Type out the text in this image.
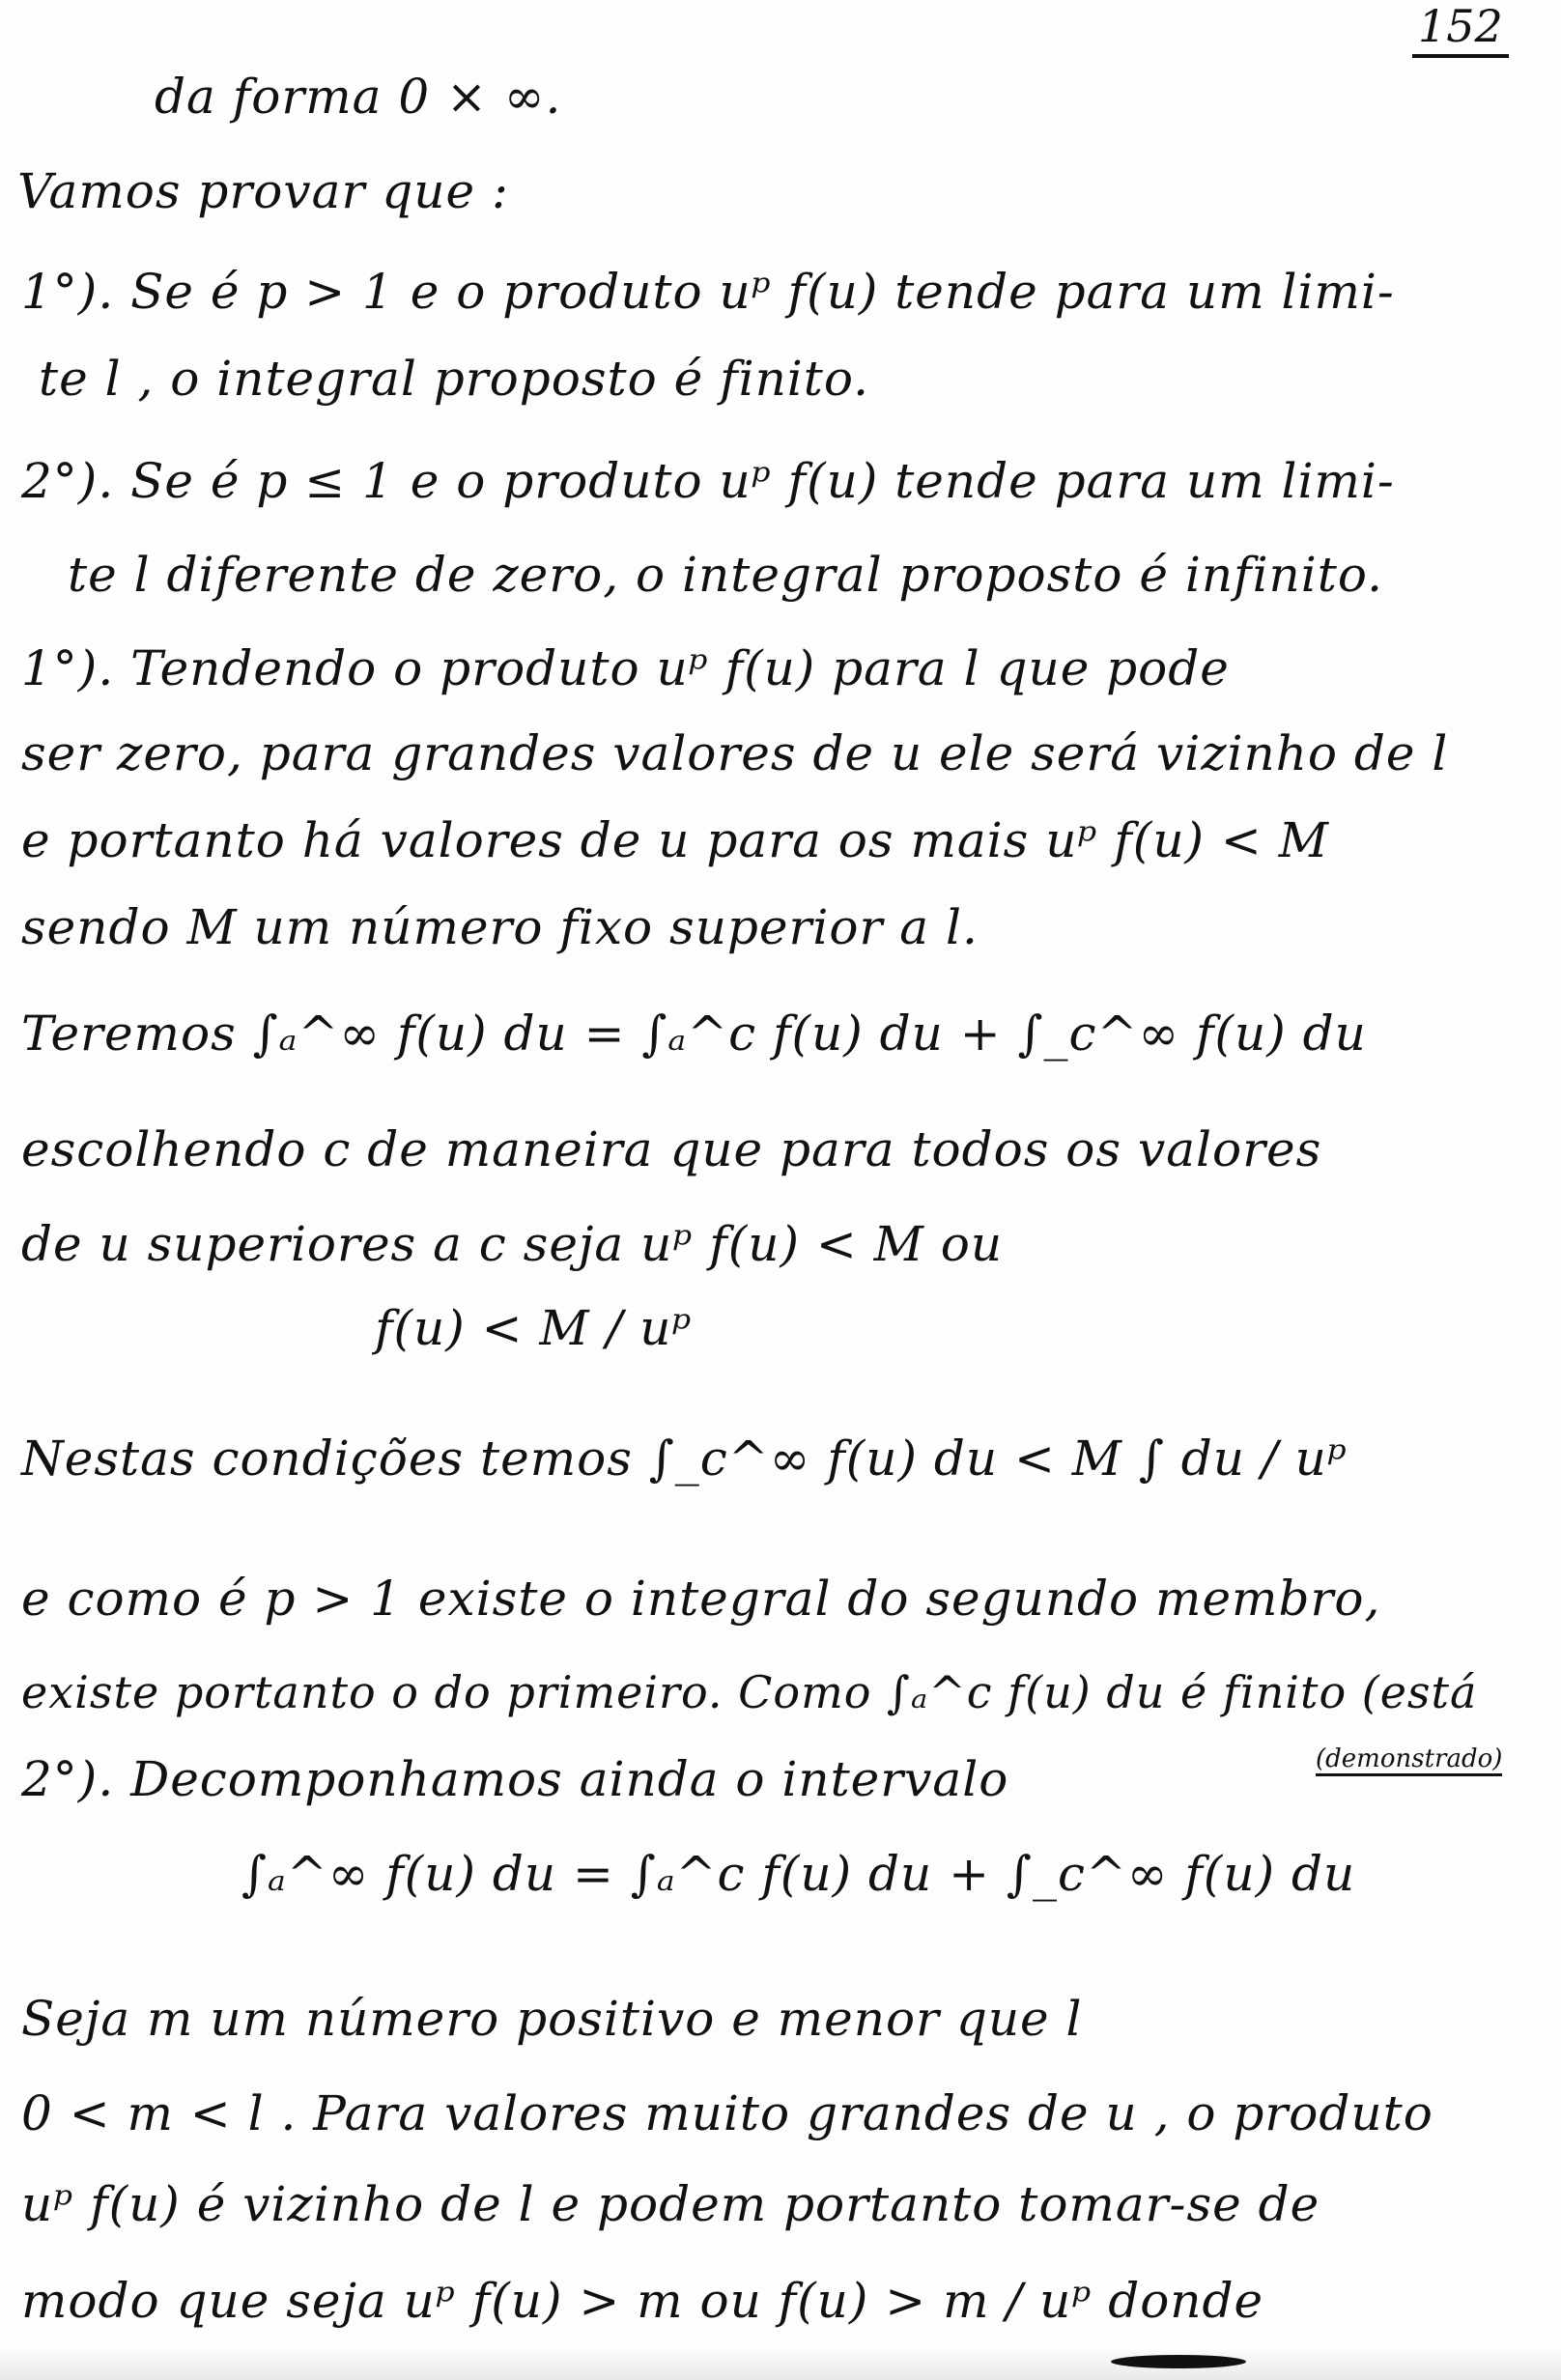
152
da forma 0 × ∞.
Vamos provar que :
1°). Se é p > 1 e o produto uᵖ f(u) tende para um limi-
te l , o integral proposto é finito.
2°). Se é p ≤ 1 e o produto uᵖ f(u) tende para um limi-
te l diferente de zero, o integral proposto é infinito.
1°). Tendendo o produto uᵖ f(u) para l que pode
ser zero, para grandes valores de u ele será vizinho de l
e portanto há valores de u para os mais uᵖ f(u) < M
sendo M um número fixo superior a l.
Teremos ∫ₐ^∞ f(u) du = ∫ₐ^c f(u) du + ∫_c^∞ f(u) du
escolhendo c de maneira que para todos os valores
de u superiores a c seja uᵖ f(u) < M ou
f(u) < M / uᵖ
Nestas condições temos ∫_c^∞ f(u) du < M ∫ du / uᵖ
e como é p > 1 existe o integral do segundo membro,
existe portanto o do primeiro. Como ∫ₐ^c f(u) du é finito (está
(demonstrado)
2°). Decomponhamos ainda o intervalo
∫ₐ^∞ f(u) du = ∫ₐ^c f(u) du + ∫_c^∞ f(u) du
Seja m um número positivo e menor que l
0 < m < l . Para valores muito grandes de u , o produto
uᵖ f(u) é vizinho de l e podem portanto tomar-se de
modo que seja uᵖ f(u) > m ou f(u) > m / uᵖ donde
